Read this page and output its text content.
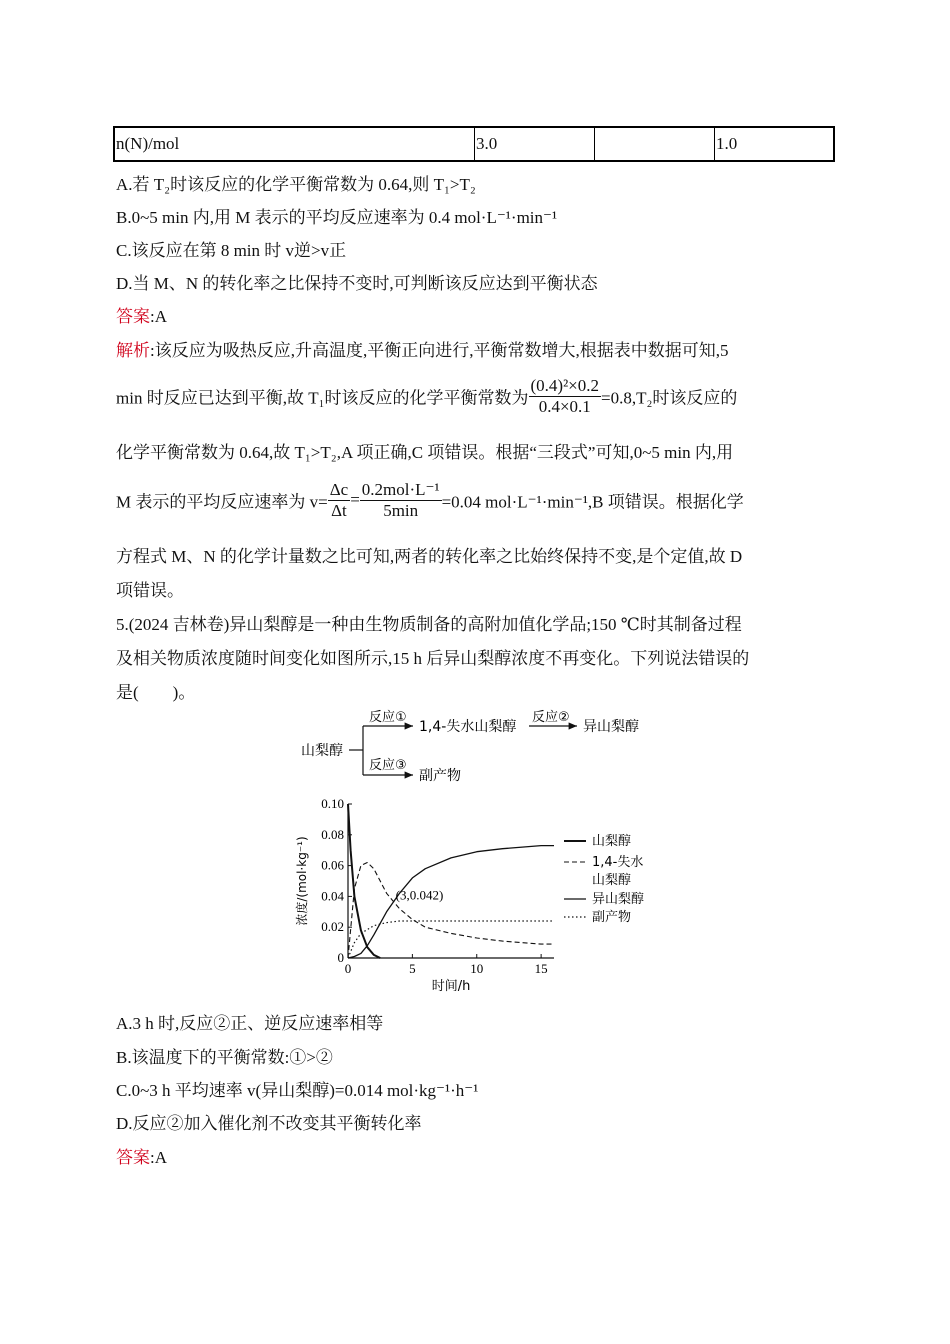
n(N)/mol	3.0		1.0
A.若 T₂时该反应的化学平衡常数为 0.64,则 T₁>T₂
B.0~5 min 内,用 M 表示的平均反应速率为 0.4 mol·L⁻¹·min⁻¹
C.该反应在第 8 min 时 v逆>v正
D.当 M、N 的转化率之比保持不变时,可判断该反应达到平衡状态
答案:A
解析:该反应为吸热反应,升高温度,平衡正向进行,平衡常数增大,根据表中数据可知,5
min 时反应已达到平衡,故 T₁时该反应的化学平衡常数为 $\frac{\text{(0.4)²×0.2}}{0.4\times 0.1} =0.8,T_2$时该反应的
化学平衡常数为 0.64,故 T₁>T₂,A 项正确,C 项错误。根据“三段式”可知,0~5 min 内,用
M 表示的平均反应速率为 $v= \frac{\Delta c}{\Delta t} = \frac{\text{0.2mol·L⁻¹}}{5\min} =0.04$ mol·L⁻¹·min⁻¹,B 项错误。根据化学
方程式 M、N 的化学计量数之比可知,两者的转化率之比始终保持不变,是个定值,故 D
项错误。
5.(2024 吉林卷)异山梨醇是一种由生物质制备的高附加值化学品;150 ℃时其制备过程
及相关物质浓度随时间变化如图所示,15 h 后异山梨醇浓度不再变化。下列说法错误的
是(　　)。
山梨醇
反应①
反应③
1,4-失水山梨醇
反应②
异山梨醇
副产物
0
0.02
0.04
0.06
0.08
0.10
0	5	10	15
时间/h
浓度/(mol·kg⁻¹)	(3,0.042)
山梨醇
1,4-失水
山梨醇
异山梨醇
副产物
A.3 h 时,反应②正、逆反应速率相等
B.该温度下的平衡常数:①>②
C.0~3 h 平均速率 v(异山梨醇)=0.014 mol·kg⁻¹·h⁻¹
D.反应②加入催化剂不改变其平衡转化率
答案:A
